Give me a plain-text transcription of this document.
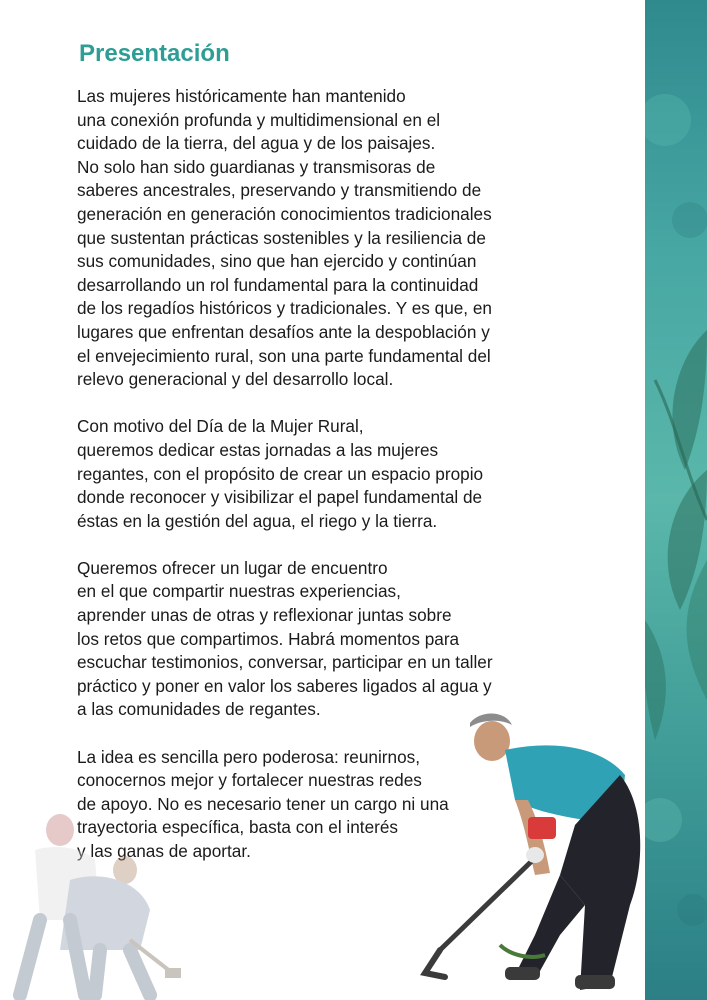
Presentación

Las mujeres históricamente han mantenido
una conexión profunda y multidimensional en el
cuidado de la tierra, del agua y de los paisajes.
No solo han sido guardianas y transmisoras de
saberes ancestrales, preservando y transmitiendo de
generación en generación conocimientos tradicionales
que sustentan prácticas sostenibles y la resiliencia de
sus comunidades, sino que han ejercido y continúan
desarrollando un rol fundamental para la continuidad
de los regadíos históricos y tradicionales. Y es que, en
lugares que enfrentan desafíos ante la despoblación y
el envejecimiento rural, son una parte fundamental del
relevo generacional y del desarrollo local.

Con motivo del Día de la Mujer Rural,
queremos dedicar estas jornadas a las mujeres
regantes, con el propósito de crear un espacio propio
donde reconocer y visibilizar el papel fundamental de
éstas en la gestión del agua, el riego y la tierra.

Queremos ofrecer un lugar de encuentro
en el que compartir nuestras experiencias,
aprender unas de otras y reflexionar juntas sobre
los retos que compartimos. Habrá momentos para
escuchar testimonios, conversar, participar en un taller
práctico y poner en valor los saberes ligados al agua y
a las comunidades de regantes.

La idea es sencilla pero poderosa: reunirnos,
conocernos mejor y fortalecer nuestras redes
de apoyo. No es necesario tener un cargo ni una
trayectoria específica, basta con el interés
y las ganas de aportar.
